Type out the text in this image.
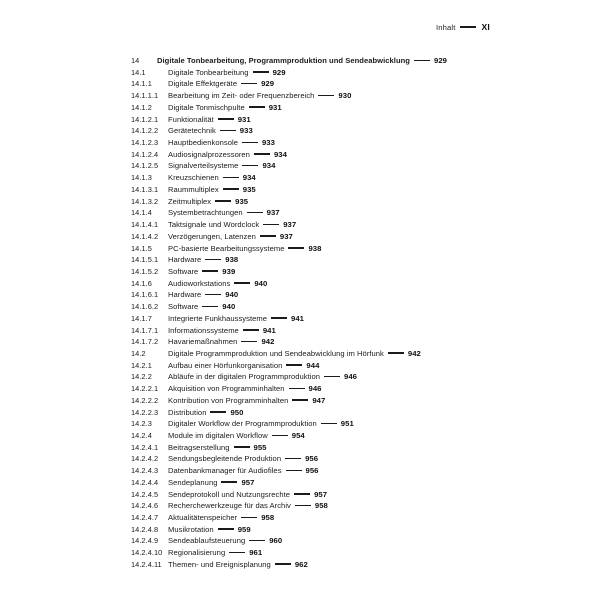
Inhalt	XI
14 Digitale Tonbearbeitung, Programmproduktion und Sendeabwicklung	929
14.1	Digitale Tonbearbeitung	929
14.1.1 Digitale Effektgeräte	929
14.1.1.1 Bearbeitung im Zeit- oder Frequenzbereich	930
14.1.2 Digitale Tonmischpulte	931
14.1.2.1 Funktionalität	931
14.1.2.2 Gerätetechnik	933
14.1.2.3 Hauptbedienkonsole	933
14.1.2.4 Audiosignalprozessoren	934
14.1.2.5 Signalverteilsysteme	934
14.1.3 Kreuzschienen	934
14.1.3.1 Raummultiplex	935
14.1.3.2 Zeitmultiplex	935
14.1.4 Systembetrachtungen	937
14.1.4.1 Taktsignale und Wordclock	937
14.1.4.2 Verzögerungen, Latenzen	937
14.1.5 PC-basierte Bearbeitungssysteme	938
14.1.5.1 Hardware	938
14.1.5.2 Software	939
14.1.6 Audioworkstations	940
14.1.6.1 Hardware	940
14.1.6.2 Software	940
14.1.7 Integrierte Funkhaussysteme	941
14.1.7.1 Informationssysteme	941
14.1.7.2 Havariemaßnahmen	942
14.2	Digitale Programmproduktion und Sendeabwicklung im Hörfunk	942
14.2.1 Aufbau einer Hörfunkorganisation	944
14.2.2 Abläufe in der digitalen Programmproduktion	946
14.2.2.1 Akquisition von Programminhalten	946
14.2.2.2 Kontribution von Programminhalten	947
14.2.2.3 Distribution	950
14.2.3 Digitaler Workflow der Programmproduktion	951
14.2.4 Module im digitalen Workflow	954
14.2.4.1 Beitragserstellung	955
14.2.4.2 Sendungsbegleitende Produktion	956
14.2.4.3 Datenbankmanager für Audiofiles	956
14.2.4.4 Sendeplanung	957
14.2.4.5 Sendeprotokoll und Nutzungsrechte	957
14.2.4.6 Recherchewerkzeuge für das Archiv	958
14.2.4.7 Aktualitätenspeicher	958
14.2.4.8 Musikrotation	959
14.2.4.9 Sendeablaufsteuerung	960
14.2.4.10 Regionalisierung	961
14.2.4.11 Themen- und Ereignisplanung	962
